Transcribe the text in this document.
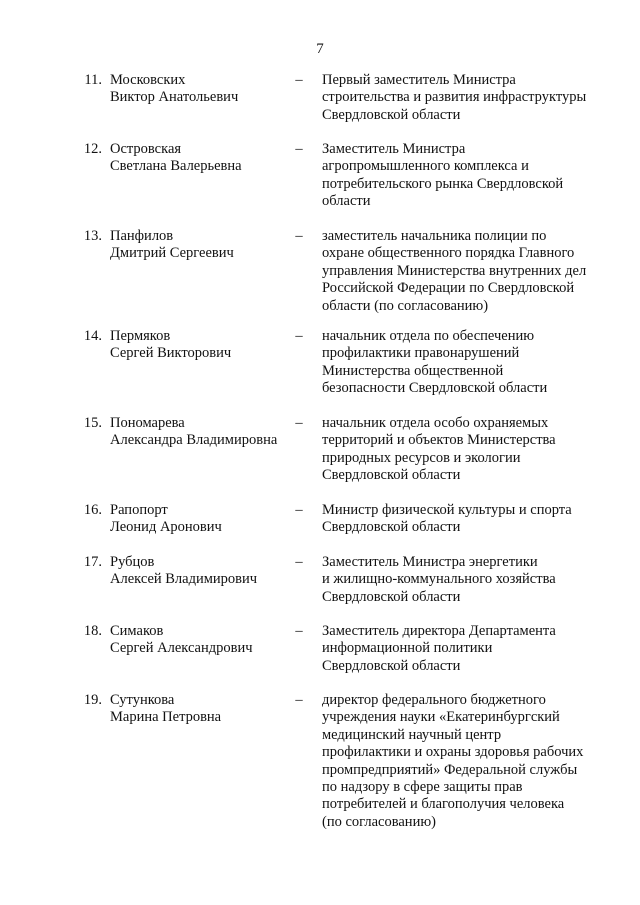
7
11. Московских
Виктор Анатольевич
– Первый заместитель Министра
строительства и развития инфраструктуры
Свердловской области
12. Островская
Светлана Валерьевна
– Заместитель Министра
агропромышленного комплекса и
потребительского рынка Свердловской
области
13. Панфилов
Дмитрий Сергеевич
– заместитель начальника полиции по
охране общественного порядка Главного
управления Министерства внутренних дел
Российской Федерации по Свердловской
области (по согласованию)
14. Пермяков
Сергей Викторович
– начальник отдела по обеспечению
профилактики правонарушений
Министерства общественной
безопасности Свердловской области
15. Пономарева
Александра Владимировна
– начальник отдела особо охраняемых
территорий и объектов Министерства
природных ресурсов и экологии
Свердловской области
16. Рапопорт
Леонид Аронович
– Министр физической культуры и спорта
Свердловской области
17. Рубцов
Алексей Владимирович
– Заместитель Министра энергетики
и жилищно-коммунального хозяйства
Свердловской области
18. Симаков
Сергей Александрович
– Заместитель директора Департамента
информационной политики
Свердловской области
19. Сутункова
Марина Петровна
– директор федерального бюджетного
учреждения науки «Екатеринбургский
медицинский научный центр
профилактики и охраны здоровья рабочих
промпредприятий» Федеральной службы
по надзору в сфере защиты прав
потребителей и благополучия человека
(по согласованию)
